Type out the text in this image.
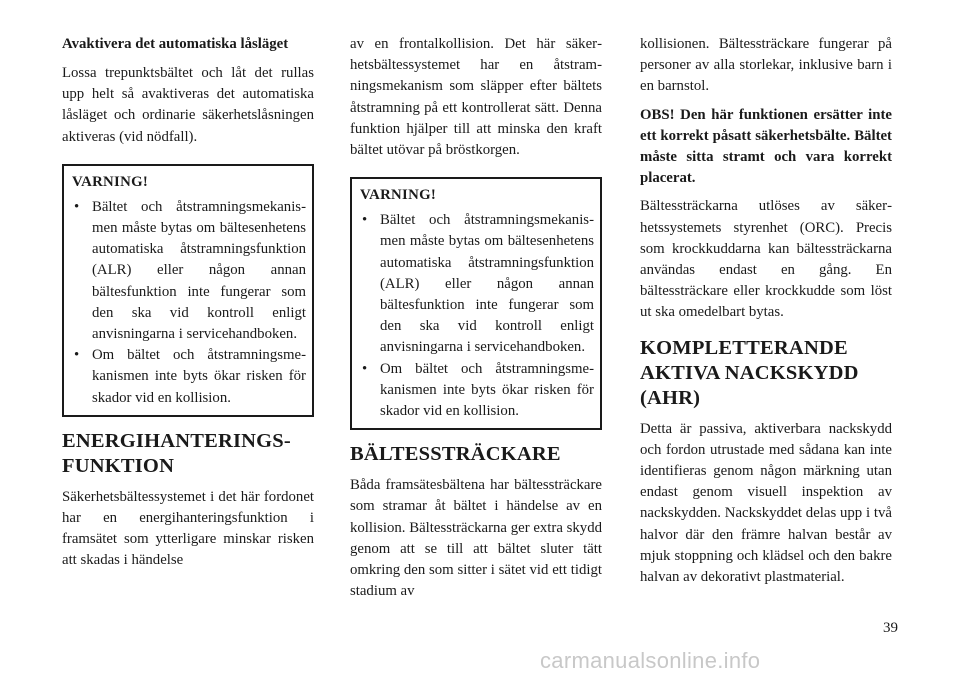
Avaktivera det automatiska låsläget

Lossa trepunktsbältet och låt det rullas upp helt så avaktiveras det automatiska låsläget och ordinarie säkerhetslåsningen aktiveras (vid nödfall).

VARNING!
• Bältet och åtstramningsmekanismen måste bytas om bältesenhetens automatiska åtstramningsfunktion (ALR) eller någon annan bältesfunktion inte fungerar som den ska vid kontroll enligt anvisningarna i servicehandboken.
• Om bältet och åtstramningsmekanismen inte byts ökar risken för skador vid en kollision.
ENERGIHANTERINGSFUNKTION

Säkerhetsbältessystemet i det här fordonet har en energihanteringsfunktion i framsätet som ytterligare minskar risken att skadas i händelse

av en frontalkollision. Det här säkerhetsbältessystemet har en åtstramningsmekanism som släpper efter bältets åtstramning på ett kontrollerat sätt. Denna funktion hjälper till att minska den kraft bältet utövar på bröstkorgen.

VARNING!
• Bältet och åtstramningsmekanismen måste bytas om bältesenhetens automatiska åtstramningsfunktion (ALR) eller någon annan bältesfunktion inte fungerar som den ska vid kontroll enligt anvisningarna i servicehandboken.
• Om bältet och åtstramningsmekanismen inte byts ökar risken för skador vid en kollision.
BÄLTESSTRÄCKARE

Båda framsätesbältena har bältessträckare som stramar åt bältet i händelse av en kollision. Bältessträckarna ger extra skydd genom att se till att bältet sluter tätt omkring den som sitter i sätet vid ett tidigt stadium av

kollisionen. Bältessträckare fungerar på personer av alla storlekar, inklusive barn i en barnstol.

OBS! Den här funktionen ersätter inte ett korrekt påsatt säkerhetsbälte. Bältet måste sitta stramt och vara korrekt placerat.

Bältessträckarna utlöses av säkerhetssystemets styrenhet (ORC). Precis som krockkuddarna kan bältessträckarna användas endast en gång. En bältessträckare eller krockkudde som löst ut ska omedelbart bytas.

KOMPLETTERANDE AKTIVA NACKSKYDD (AHR)

Detta är passiva, aktiverbara nackskydd och fordon utrustade med sådana kan inte identifieras genom någon märkning utan endast genom visuell inspektion av nackskydden. Nackskyddet delas upp i två halvor där den främre halvan består av mjuk stoppning och klädsel och den bakre halvan av dekorativt plastmaterial.

39
carmanualsonline.info
